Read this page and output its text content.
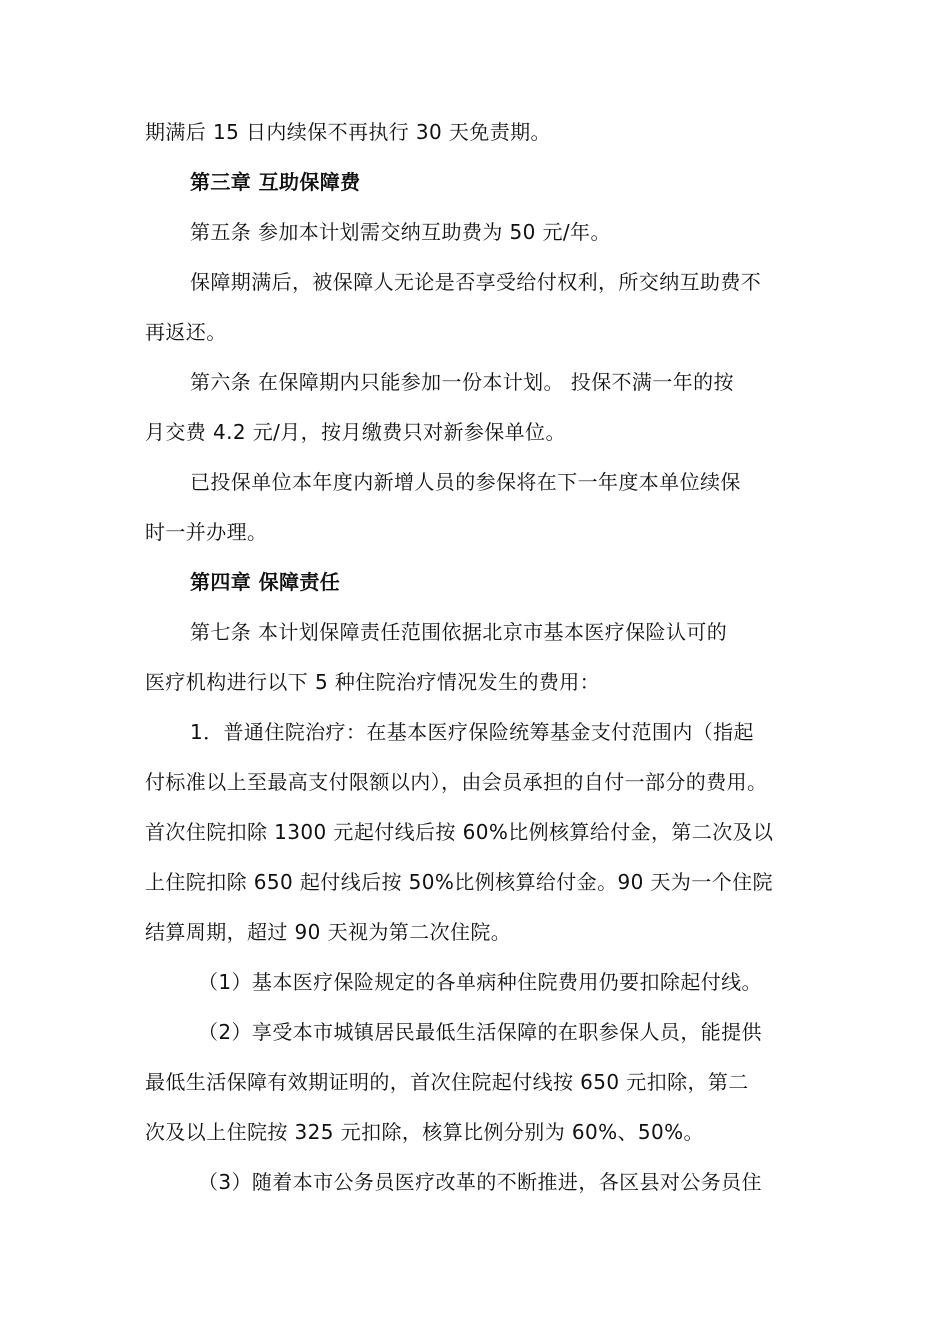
期满后 15 日内续保不再执行 30 天免责期。
第三章 互助保障费
第五条 参加本计划需交纳互助费为 50 元/年。
保障期满后，被保障人无论是否享受给付权利，所交纳互助费不
再返还。
第六条 在保障期内只能参加一份本计划。 投保不满一年的按
月交费 4.2 元/月，按月缴费只对新参保单位。
已投保单位本年度内新增人员的参保将在下一年度本单位续保
时一并办理。
第四章 保障责任
第七条 本计划保障责任范围依据北京市基本医疗保险认可的
医疗机构进行以下 5 种住院治疗情况发生的费用：
1．普通住院治疗：在基本医疗保险统筹基金支付范围内（指起
付标准以上至最高支付限额以内），由会员承担的自付一部分的费用。
首次住院扣除 1300 元起付线后按 60%比例核算给付金，第二次及以
上住院扣除 650 起付线后按 50%比例核算给付金。90 天为一个住院
结算周期，超过 90 天视为第二次住院。
（1）基本医疗保险规定的各单病种住院费用仍要扣除起付线。
（2）享受本市城镇居民最低生活保障的在职参保人员，能提供
最低生活保障有效期证明的，首次住院起付线按 650 元扣除，第二
次及以上住院按 325 元扣除，核算比例分别为 60%、50%。
（3）随着本市公务员医疗改革的不断推进，各区县对公务员住
